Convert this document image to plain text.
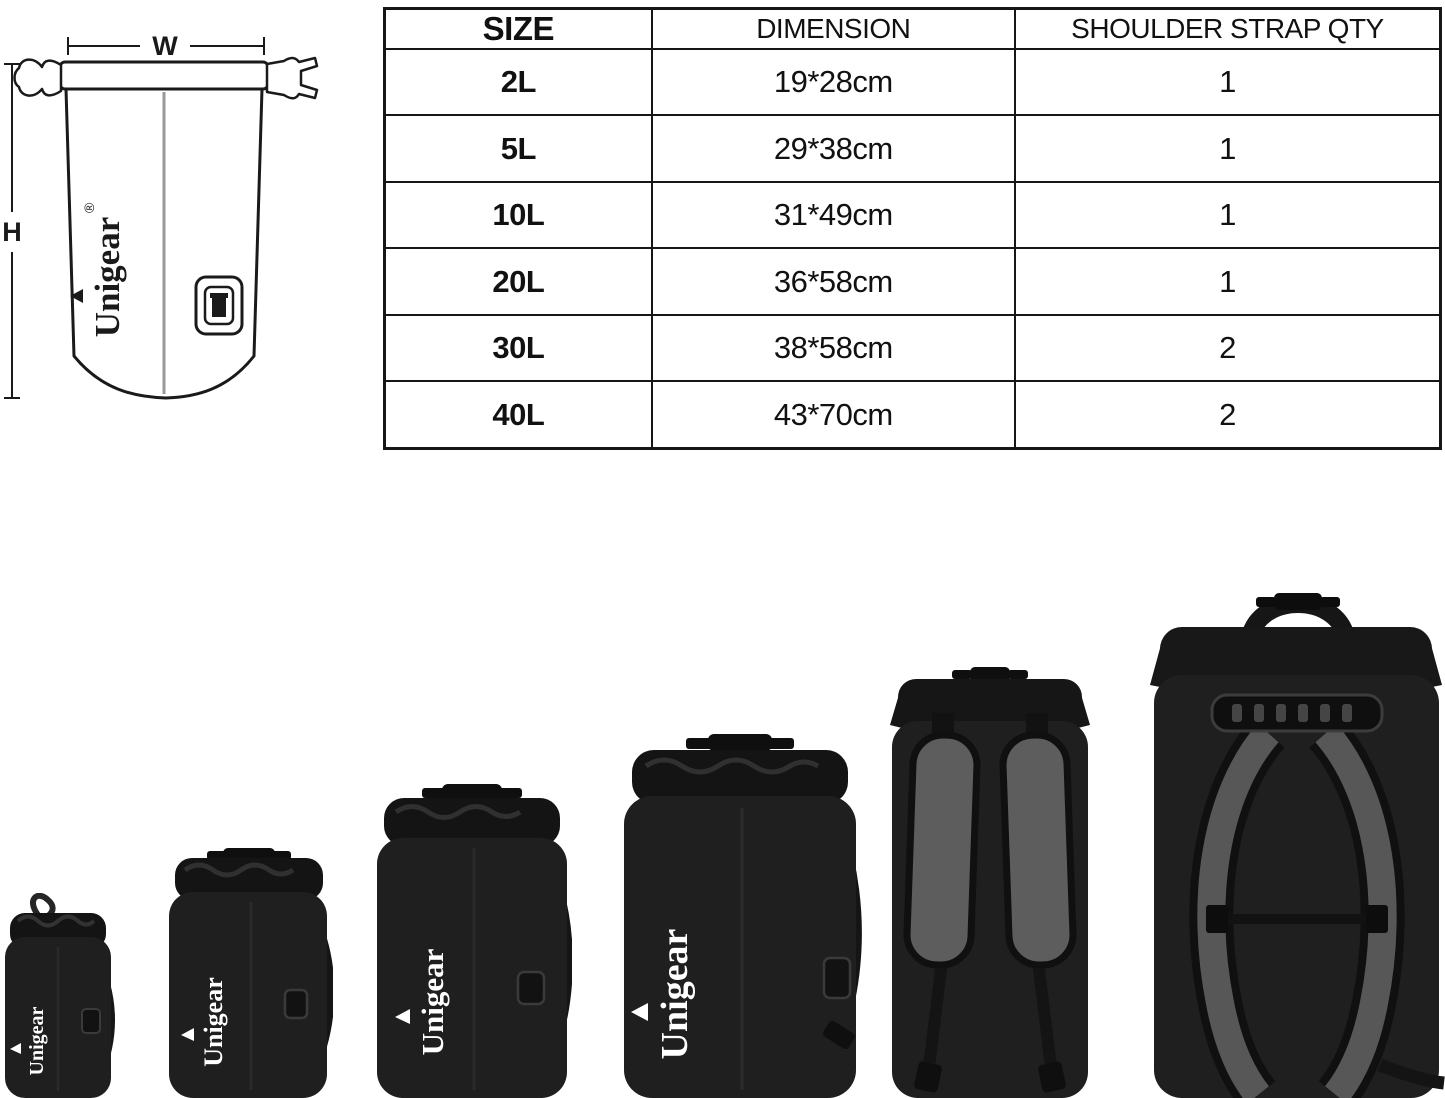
W
H Unigear
®
SIZE	DIMENSION	SHOULDER STRAP QTY
2L	19*28cm	1
5L	29*38cm	1
10L	31*49cm	1
20L	36*58cm	1
30L	38*58cm	2
40L	43*70cm	2
Unigear	Unigear	Unigear	Unigear
